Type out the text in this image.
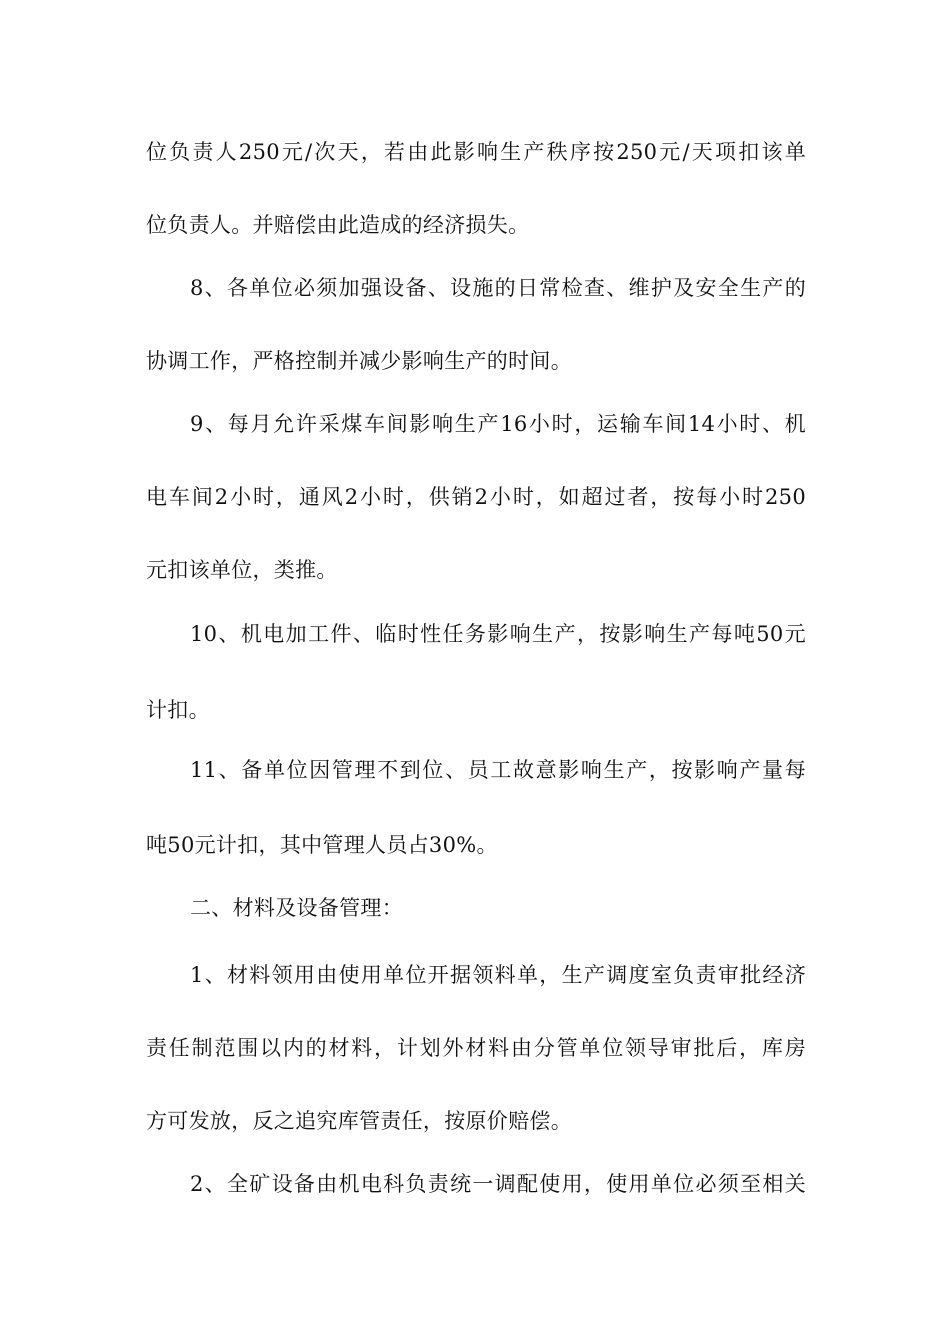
位负责人250元/次天，若由此影响生产秩序按250元/天项扣该单
位负责人。并赔偿由此造成的经济损失。
8、各单位必须加强设备、设施的日常检查、维护及安全生产的
协调工作，严格控制并减少影响生产的时间。
9、每月允许采煤车间影响生产16小时，运输车间14小时、机
电车间2小时，通风2小时，供销2小时，如超过者，按每小时250
元扣该单位，类推。
10、机电加工件、临时性任务影响生产，按影响生产每吨50元
计扣。
11、备单位因管理不到位、员工故意影响生产，按影响产量每
吨50元计扣，其中管理人员占30%。
二、材料及设备管理：
1、材料领用由使用单位开据领料单，生产调度室负责审批经济
责任制范围以内的材料，计划外材料由分管单位领导审批后，库房
方可发放，反之追究库管责任，按原价赔偿。
2、全矿设备由机电科负责统一调配使用，使用单位必须至相关
